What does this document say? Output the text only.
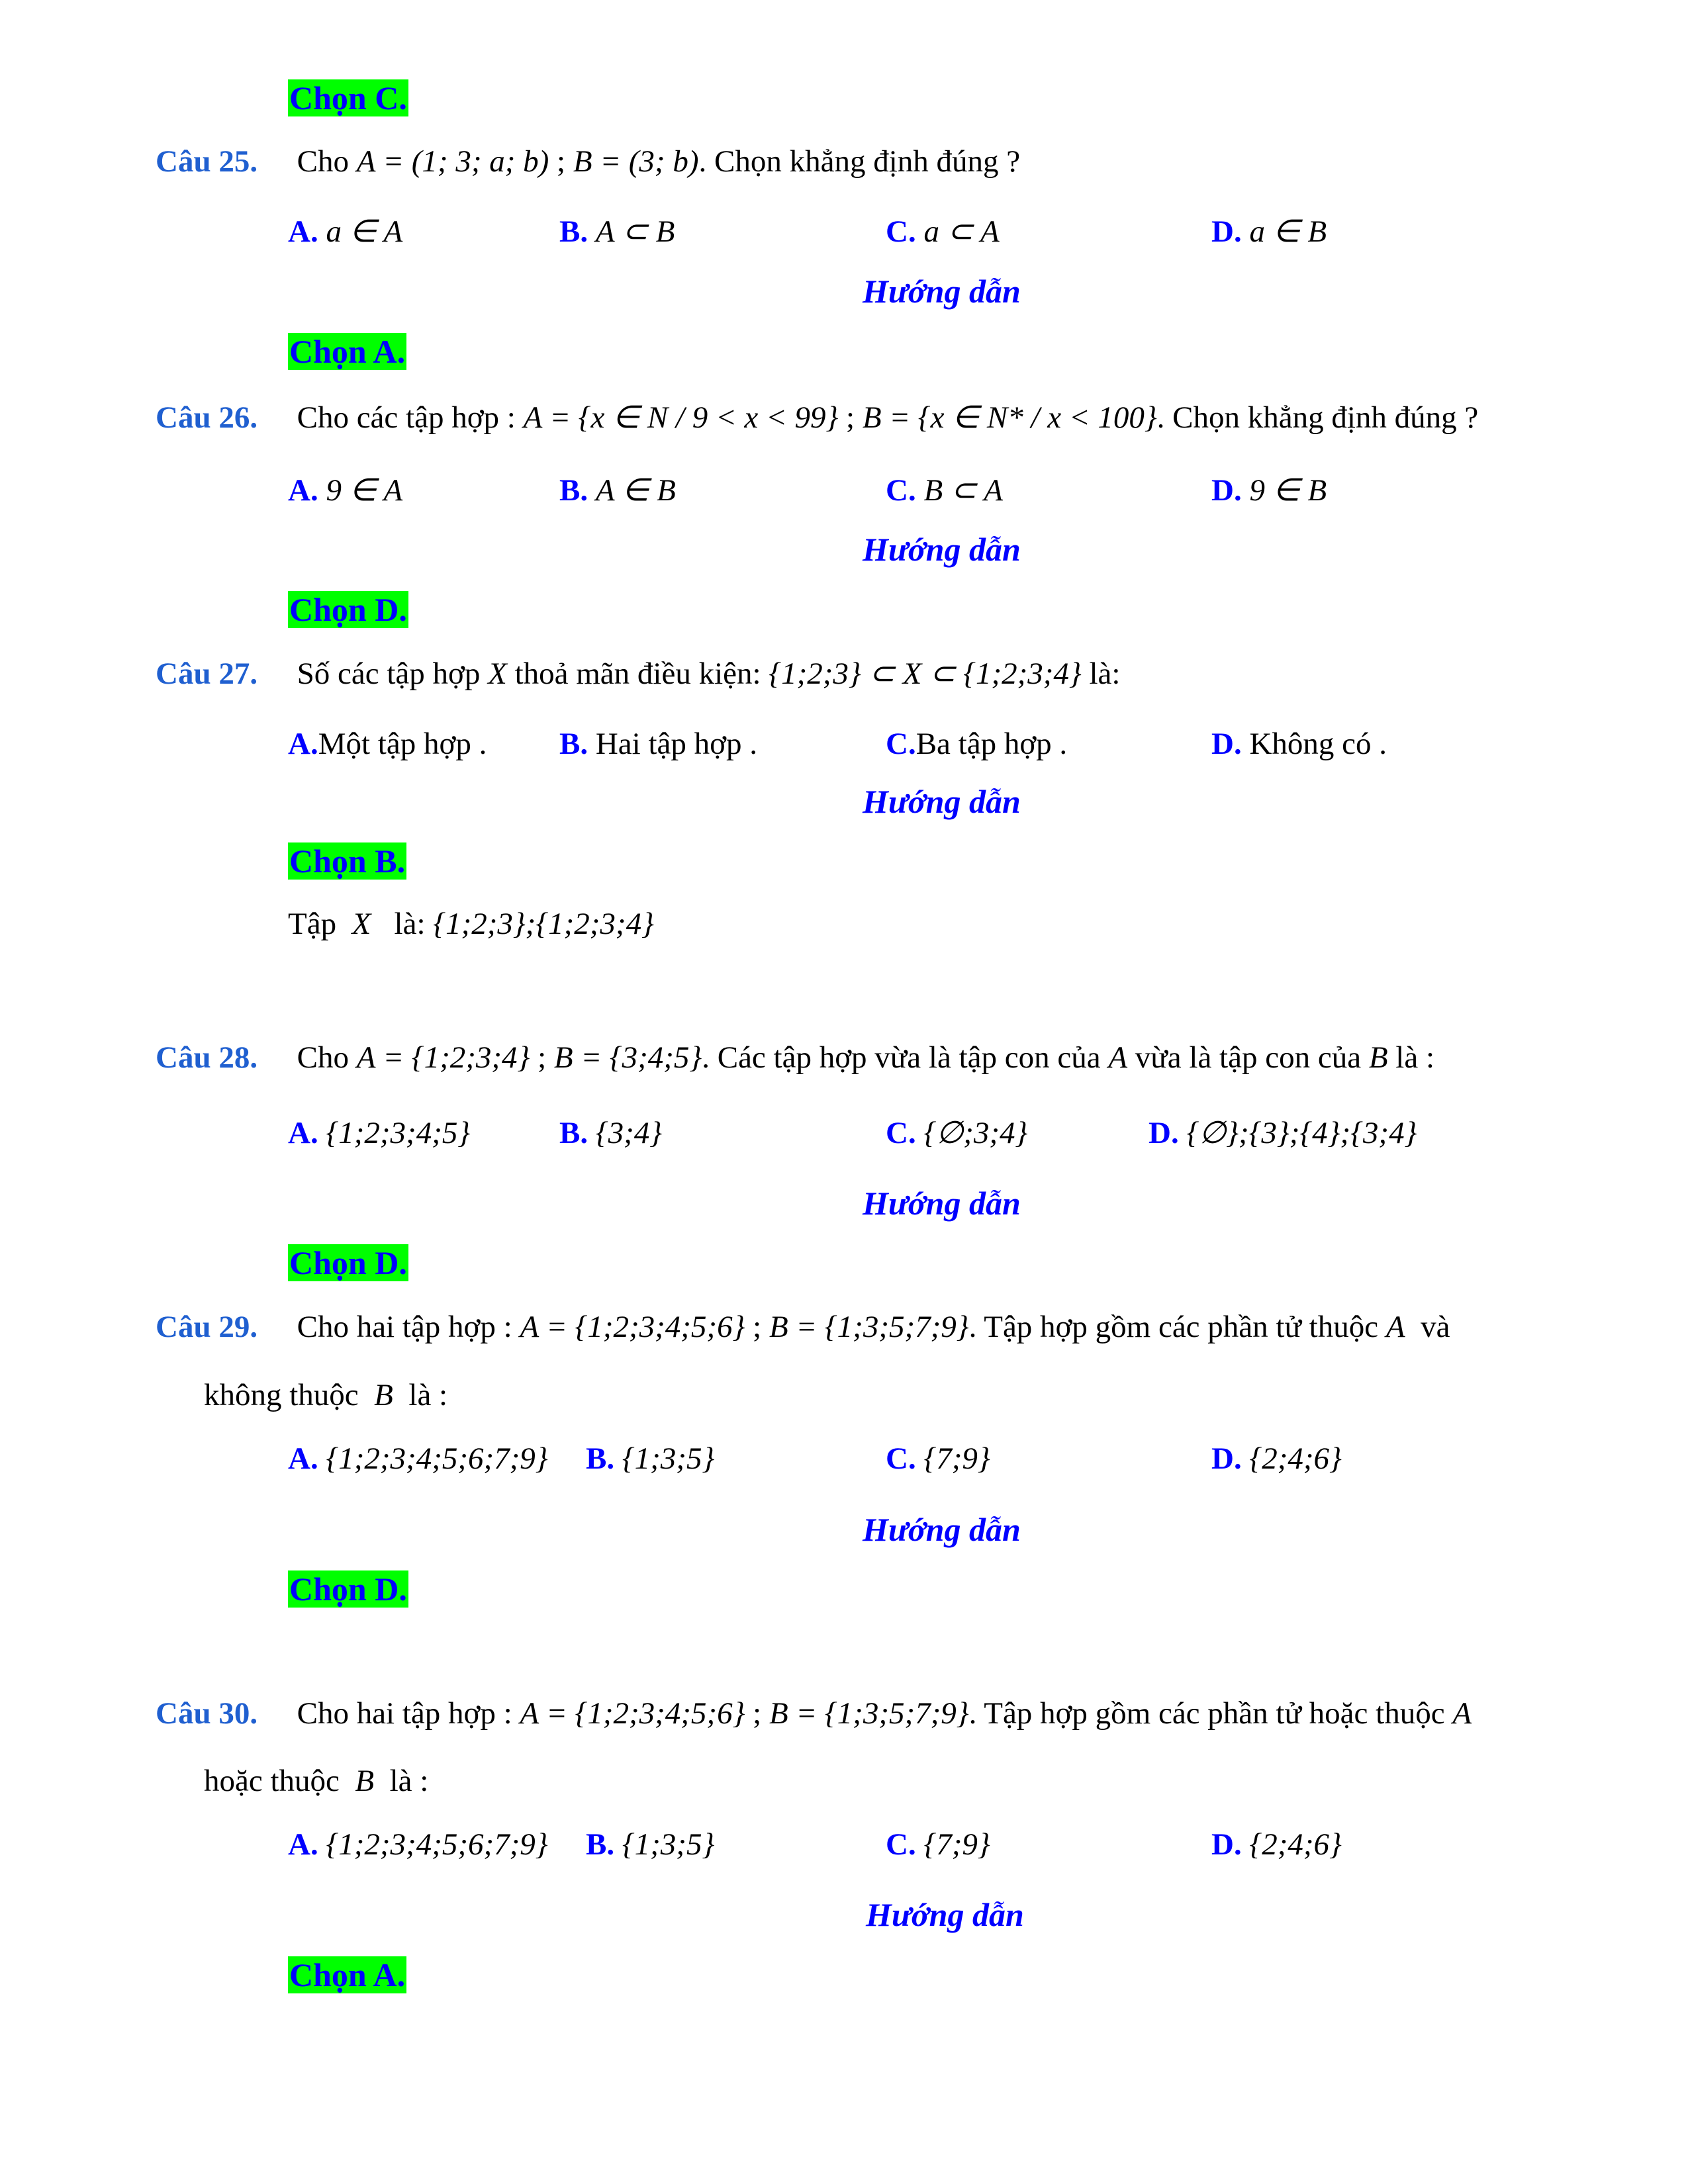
Chọn C.
Câu 25. Cho A = (1; 3; a; b) ; B = (3; b). Chọn khẳng định đúng ?
A. a ∈ A	B. A ⊂ B	C. a ⊂ A	D. a ∈ B
Hướng dẫn
Chọn A.
Câu 26. Cho các tập hợp : A = {x ∈ N / 9 < x < 99} ; B = {x ∈ N* / x < 100}. Chọn khẳng định đúng ?
A. 9 ∈ A	B. A ∈ B	C. B ⊂ A	D. 9 ∈ B
Hướng dẫn
Chọn D.
Câu 27. Số các tập hợp X thoả mãn điều kiện: {1;2;3} ⊂ X ⊂ {1;2;3;4} là:
A.Một tập hợp . B. Hai tập hợp .	C.Ba tập hợp .	D. Không có .
Hướng dẫn
Chọn B.
Tập X là: {1;2;3};{1;2;3;4}
Câu 28. Cho A = {1;2;3;4} ; B = {3;4;5}. Các tập hợp vừa là tập con của A vừa là tập con của B là :
A. {1;2;3;4;5}	B. {3;4}	C. {∅;3;4}	D. {∅};{3};{4};{3;4}
Hướng dẫn
Chọn D.
Câu 29. Cho hai tập hợp : A = {1;2;3;4;5;6} ; B = {1;3;5;7;9}. Tập hợp gồm các phần tử thuộc A và
không thuộc B là :
A. {1;2;3;4;5;6;7;9} B. {1;3;5}	C. {7;9}	D. {2;4;6}
Hướng dẫn
Chọn D.
Câu 30. Cho hai tập hợp : A = {1;2;3;4;5;6} ; B = {1;3;5;7;9}. Tập hợp gồm các phần tử hoặc thuộc A
hoặc thuộc B là :
A. {1;2;3;4;5;6;7;9} B. {1;3;5}	C. {7;9}	D. {2;4;6}
Hướng dẫn
Chọn A.
